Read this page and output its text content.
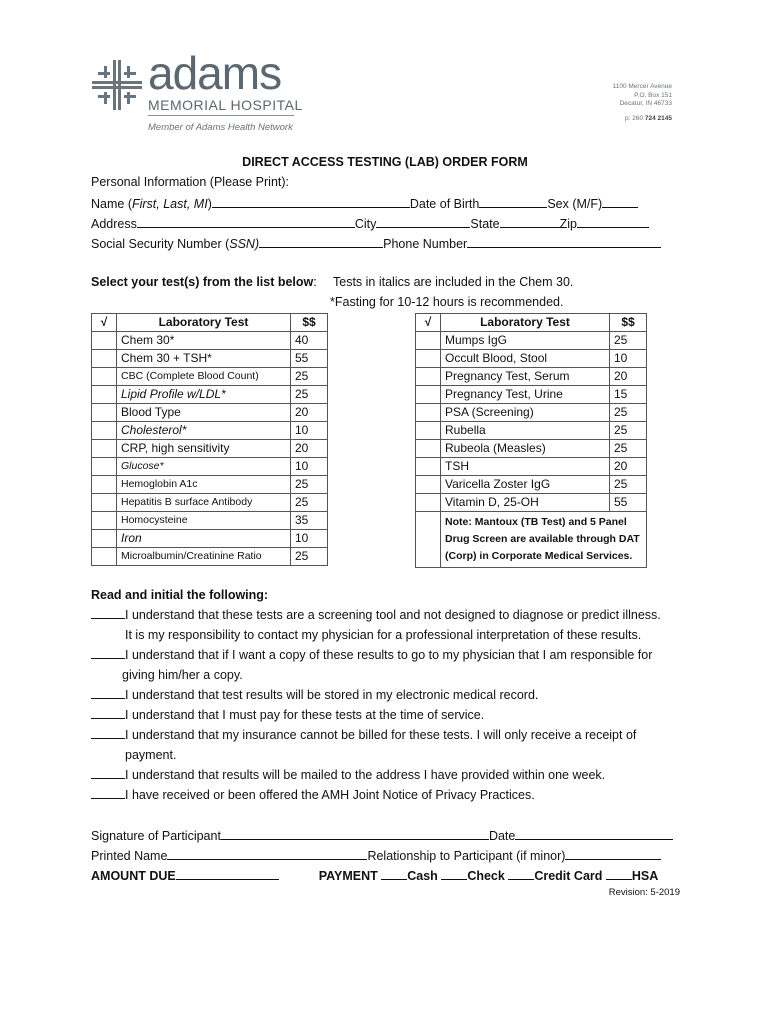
adams
MEMORIAL HOSPITAL
Member of Adams Health Network
1100 Mercer Avenue
P.O. Box 151
Decatur, IN 46733
p: 260 724 2145
DIRECT ACCESS TESTING (LAB) ORDER FORM
Personal Information (Please Print):
Name (First, Last, MI)	Date of Birth	Sex (M/F)
Address	City	State	Zip
Social Security Number (SSN)	Phone Number
Select your test(s) from the list below: Tests in italics are included in the Chem 30.
*Fasting for 10-12 hours is recommended.
√	Laboratory Test	$$
	Chem 30*	40
	Chem 30 + TSH*	55
	CBC (Complete Blood Count)	25
	Lipid Profile w/LDL*	25
	Blood Type	20
	Cholesterol*	10
	CRP, high sensitivity	20
	Glucose*	10
	Hemoglobin A1c	25
	Hepatitis B surface Antibody	25
	Homocysteine	35
	Iron	10
	Microalbumin/Creatinine Ratio	25
√	Laboratory Test	$$
	Mumps IgG	25
	Occult Blood, Stool	10
	Pregnancy Test, Serum	20
	Pregnancy Test, Urine	15
	PSA (Screening)	25
	Rubella	25
	Rubeola (Measles)	25
	TSH	20
	Varicella Zoster IgG	25
	Vitamin D, 25-OH	55
	Note: Mantoux (TB Test) and 5 Panel Drug Screen are available through DAT (Corp) in Corporate Medical Services.	
Read and initial the following:
I understand that these tests are a screening tool and not designed to diagnose or predict illness.
It is my responsibility to contact my physician for a professional interpretation of these results.
I understand that if I want a copy of these results to go to my physician that I am responsible for
giving him/her a copy.
I understand that test results will be stored in my electronic medical record.
I understand that I must pay for these tests at the time of service.
I understand that my insurance cannot be billed for these tests. I will only receive a receipt of
payment.
I understand that results will be mailed to the address I have provided within one week.
I have received or been offered the AMH Joint Notice of Privacy Practices.
Signature of Participant	Date
Printed Name	Relationship to Participant (if minor)
AMOUNT DUE	PAYMENT Cash Check Credit Card HSA
Revision: 5-2019
